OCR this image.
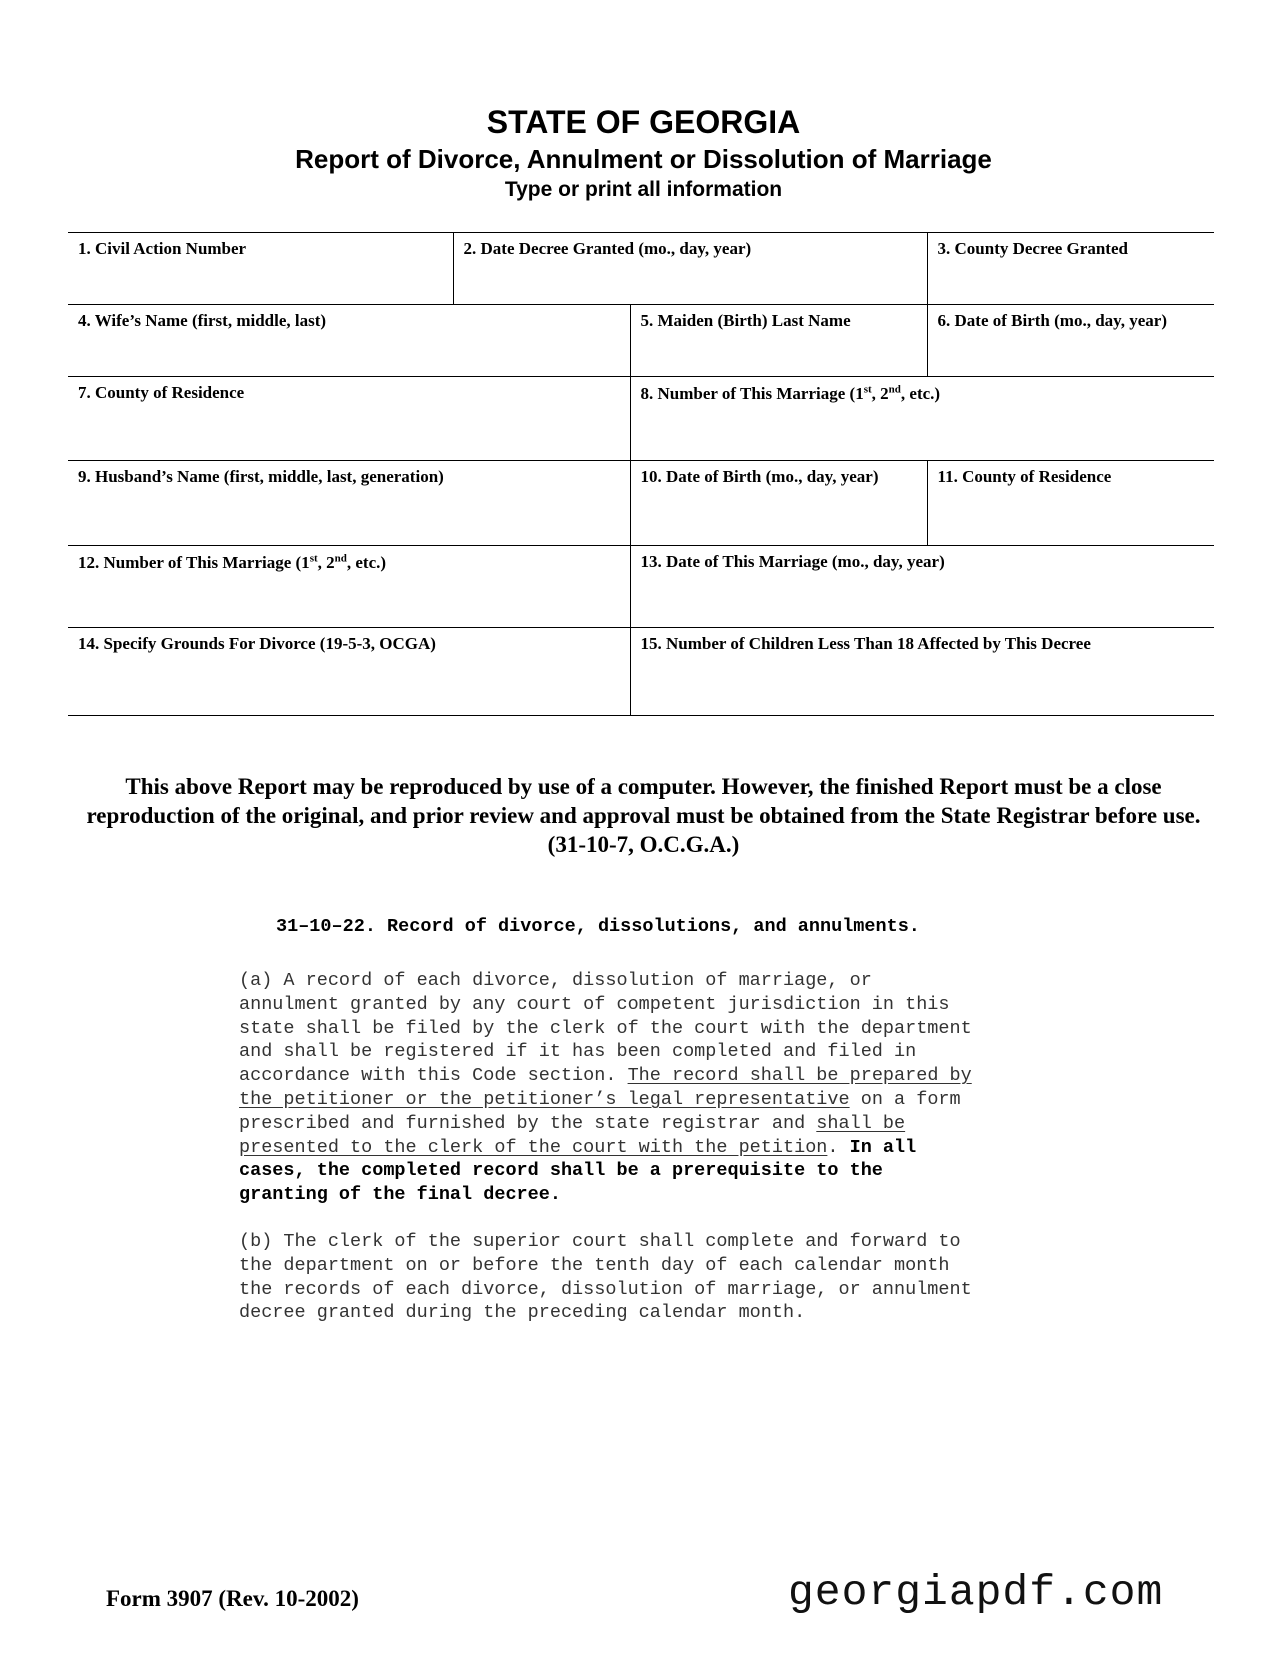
STATE OF GEORGIA
Report of Divorce, Annulment or Dissolution of Marriage
Type or print all information
1. Civil Action Number	2. Date Decree Granted (mo., day, year)		3. County Decree Granted
4. Wife’s Name (first, middle, last)		5. Maiden (Birth) Last Name	6. Date of Birth (mo., day, year)
7. County of Residence		8. Number of This Marriage (1st, 2nd, etc.)	
9. Husband’s Name (first, middle, last, generation)		10. Date of Birth (mo., day, year)	11. County of Residence
12. Number of This Marriage (1st, 2nd, etc.)		13. Date of This Marriage (mo., day, year)	
14. Specify Grounds For Divorce (19-5-3, OCGA)		15. Number of Children Less Than 18 Affected by This Decree	
This above Report may be reproduced by use of a computer. However, the finished Report must be a close
reproduction of the original, and prior review and approval must be obtained from the State Registrar before use.
(31-10-7, O.C.G.A.)
31–10–22. Record of divorce, dissolutions, and annulments.
(a) A record of each divorce, dissolution of marriage, or
annulment granted by any court of competent jurisdiction in this
state shall be filed by the clerk of the court with the department
and shall be registered if it has been completed and filed in
accordance with this Code section. The record shall be prepared by
the petitioner or the petitioner’s legal representative on a form
prescribed and furnished by the state registrar and shall be
presented to the clerk of the court with the petition. In all
cases, the completed record shall be a prerequisite to the
granting of the final decree.
(b) The clerk of the superior court shall complete and forward to
the department on or before the tenth day of each calendar month
the records of each divorce, dissolution of marriage, or annulment
decree granted during the preceding calendar month.
Form 3907 (Rev. 10-2002)	georgiapdf.com
